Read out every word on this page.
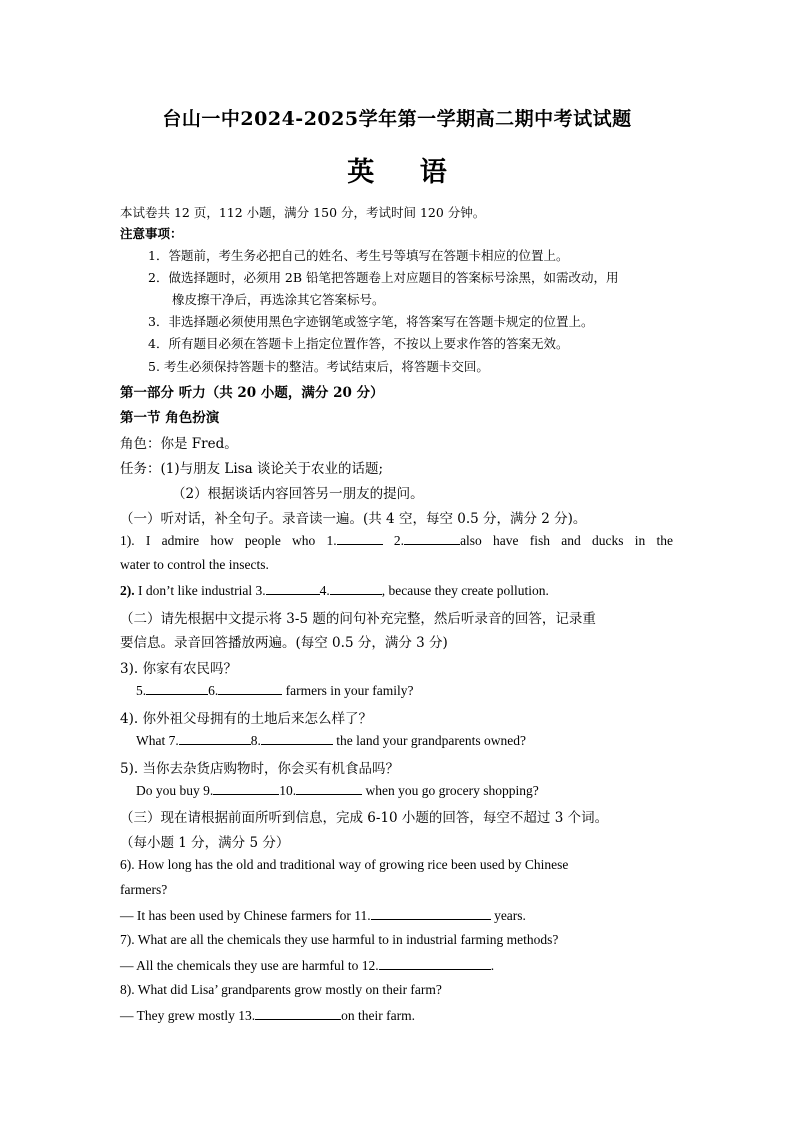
台山一中2024-2025学年第一学期高二期中考试试题
英 语
本试卷共 12 页，112 小题，满分 150 分，考试时间 120 分钟。
注意事项：
1．答题前，考生务必把自己的姓名、考生号等填写在答题卡相应的位置上。
2．做选择题时，必须用 2B 铅笔把答题卷上对应题目的答案标号涂黑，如需改动，用
橡皮擦干净后，再选涂其它答案标号。
3．非选择题必须使用黑色字迹钢笔或签字笔，将答案写在答题卡规定的位置上。
4．所有题目必须在答题卡上指定位置作答，不按以上要求作答的答案无效。
5. 考生必须保持答题卡的整洁。考试结束后，将答题卡交回。
第一部分 听力（共 20 小题，满分 20 分）
第一节 角色扮演
角色：你是 Fred。
任务：(1)与朋友 Lisa 谈论关于农业的话题;
（2）根据谈话内容回答另一朋友的提问。
（一）听对话，补全句子。录音读一遍。(共 4 空，每空 0.5 分，满分 2 分)。
1). I admire how people who 1.	2.	also have fish and ducks in the
water to control the insects.
2). I don’t like industrial 3.	4.	, because they create pollution.
（二）请先根据中文提示将 3-5 题的问句补充完整，然后听录音的回答，记录重
要信息。录音回答播放两遍。(每空 0.5 分，满分 3 分)
3). 你家有农民吗？
5.	6.	farmers in your family?
4). 你外祖父母拥有的土地后来怎么样了？
What 7.	8.	the land your grandparents owned?
5). 当你去杂货店购物时，你会买有机食品吗？
Do you buy 9.	10.	when you go grocery shopping?
（三）现在请根据前面所听到信息，完成 6-10 小题的回答，每空不超过 3 个词。
（每小题 1 分，满分 5 分）
6). How long has the old and traditional way of growing rice been used by Chinese
farmers?
— It has been used by Chinese farmers for 11.	years.
7). What are all the chemicals they use harmful to in industrial farming methods?
— All the chemicals they use are harmful to 12.	.
8). What did Lisa’ grandparents grow mostly on their farm?
— They grew mostly 13.	on their farm.
